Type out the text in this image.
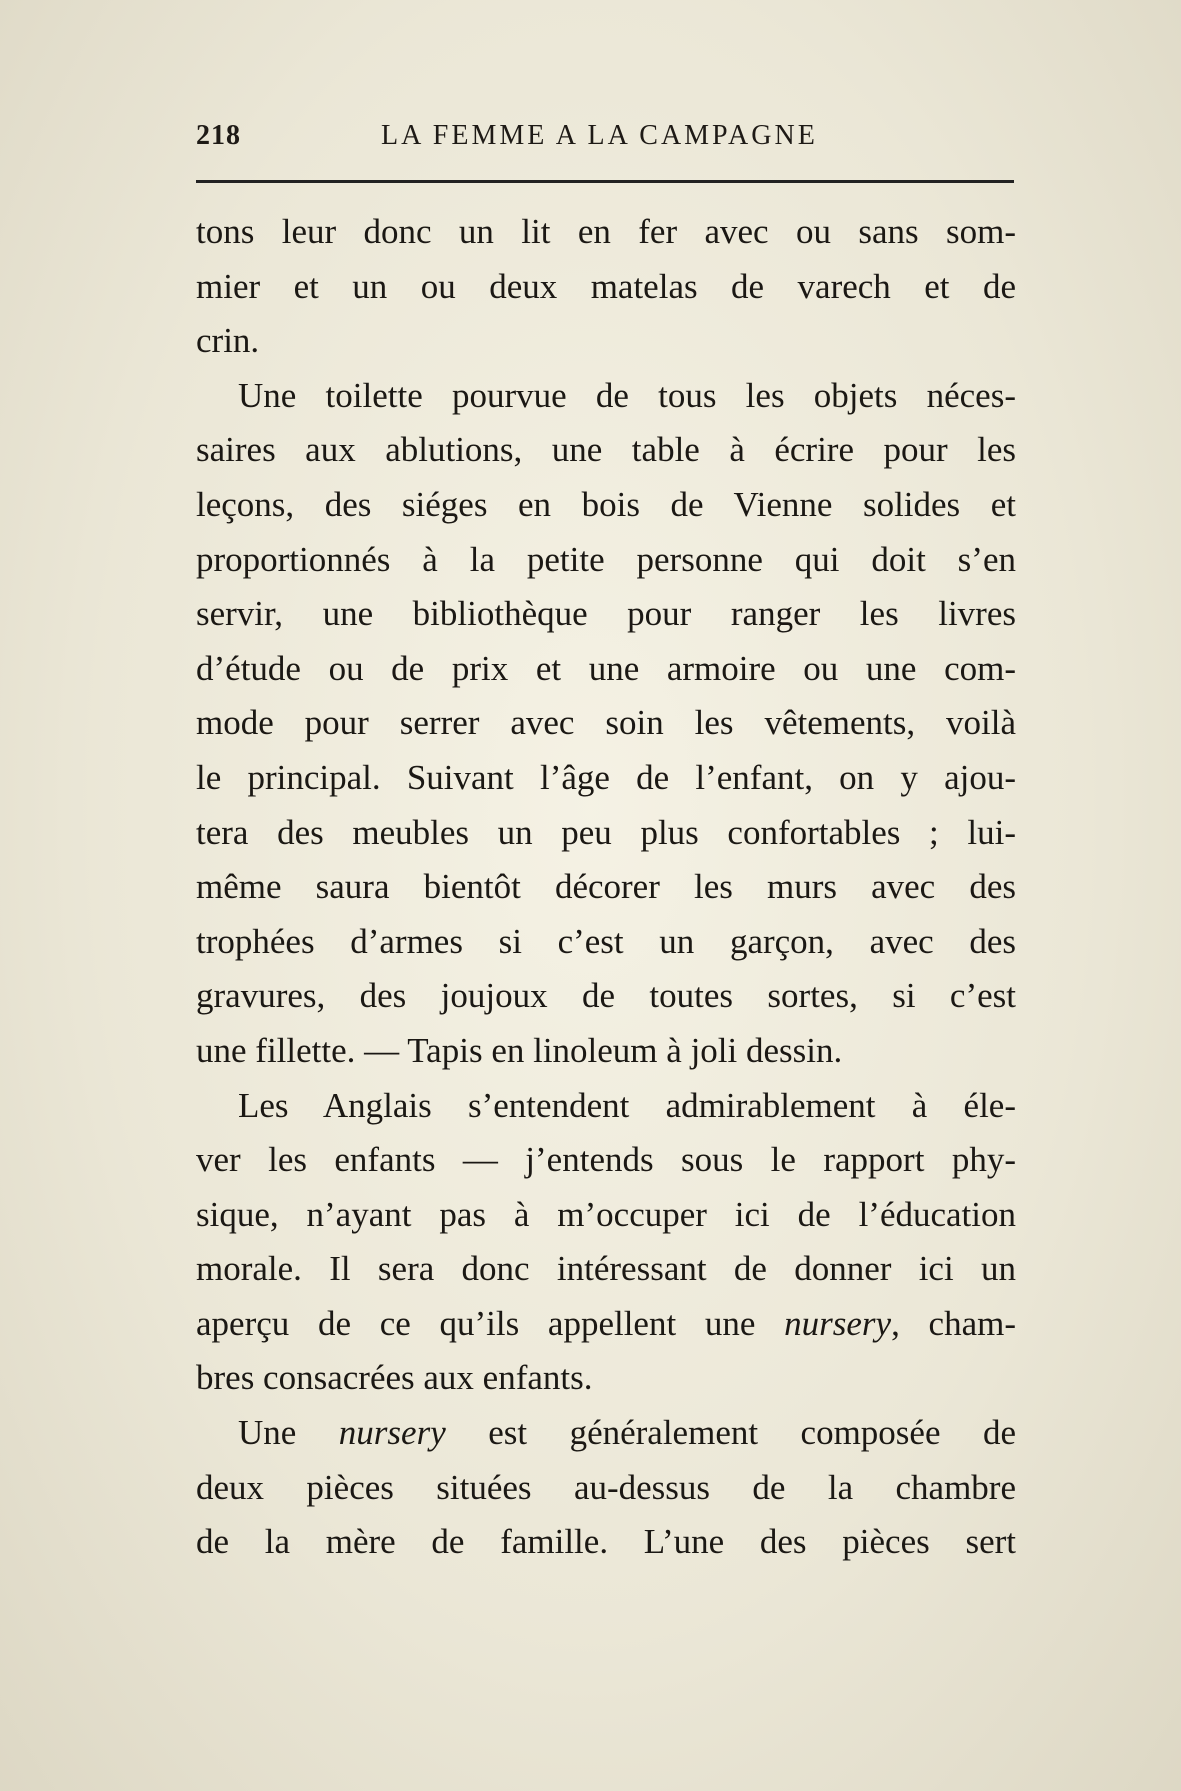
218	LA FEMME A LA CAMPAGNE
tons leur donc un lit en fer avec ou sans som-
mier et un ou deux matelas de varech et de
crin.
Une toilette pourvue de tous les objets néces-
saires aux ablutions, une table à écrire pour les
leçons, des siéges en bois de Vienne solides et
proportionnés à la petite personne qui doit s’en
servir, une bibliothèque pour ranger les livres
d’étude ou de prix et une armoire ou une com-
mode pour serrer avec soin les vêtements, voilà
le principal. Suivant l’âge de l’enfant, on y ajou-
tera des meubles un peu plus confortables ; lui-
même saura bientôt décorer les murs avec des
trophées d’armes si c’est un garçon, avec des
gravures, des joujoux de toutes sortes, si c’est
une fillette. — Tapis en linoleum à joli dessin.
Les Anglais s’entendent admirablement à éle-
ver les enfants — j’entends sous le rapport phy-
sique, n’ayant pas à m’occuper ici de l’éducation
morale. Il sera donc intéressant de donner ici un
aperçu de ce qu’ils appellent une nursery, cham-
bres consacrées aux enfants.
Une nursery est généralement composée de
deux pièces situées au-dessus de la chambre
de la mère de famille. L’une des pièces sert
